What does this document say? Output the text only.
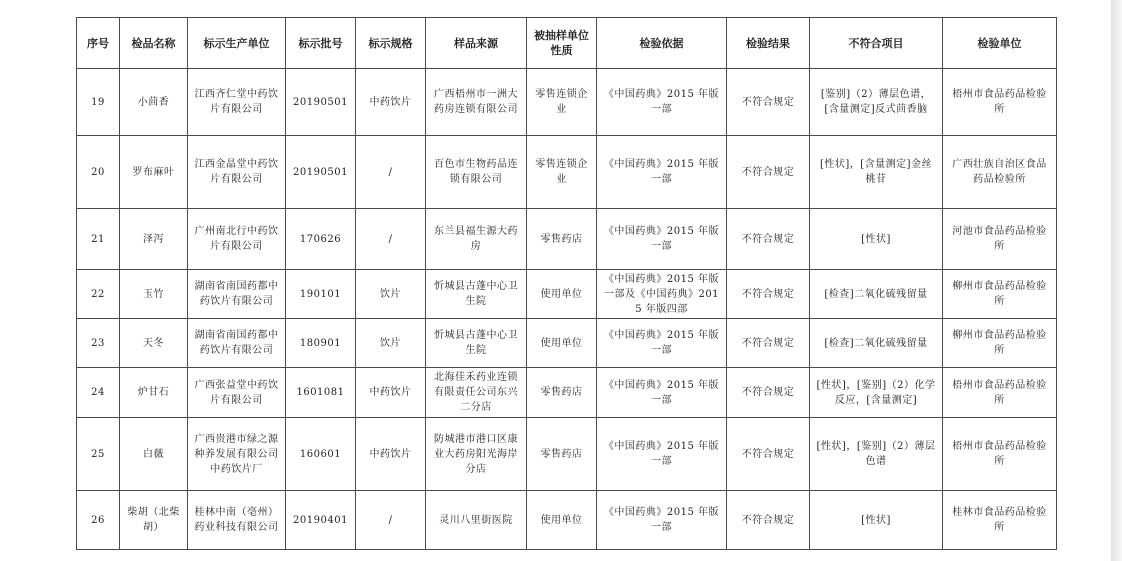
序号	检品名称	标示生产单位	标示批号	标示规格	样品来源	被抽样单位性质	检验依据	检验结果	不符合项目	检验单位
19	小茴香	江西齐仁堂中药饮片有限公司	20190501	中药饮片	广西梧州市一洲大药房连锁有限公司	零售连锁企业	《中国药典》2015 年版一部	不符合规定	[鉴别]（2）薄层色谱，[含量测定]反式茴香脑	梧州市食品药品检验所
20	罗布麻叶	江西金晶堂中药饮片有限公司	20190501	/	百色市生物药品连锁有限公司	零售连锁企业	《中国药典》2015 年版一部	不符合规定	[性状]，[含量测定]金丝桃苷	广西壮族自治区食品药品检验所
21	泽泻	广州南北行中药饮片有限公司	170626	/	东兰县福生源大药房	零售药店	《中国药典》2015 年版一部	不符合规定	[性状]	河池市食品药品检验所
22	玉竹	湖南省南国药都中药饮片有限公司	190101	饮片	忻城县古蓬中心卫生院	使用单位	《中国药典》2015 年版一部及《中国药典》2015 年版四部	不符合规定	[检查]二氧化硫残留量	柳州市食品药品检验所
23	天冬	湖南省南国药都中药饮片有限公司	180901	饮片	忻城县古蓬中心卫生院	使用单位	《中国药典》2015 年版一部	不符合规定	[检查]二氧化硫残留量	柳州市食品药品检验所
24	炉甘石	广西张益堂中药饮片有限公司	1601081	中药饮片	北海佳禾药业连锁有限责任公司东兴二分店	零售药店	《中国药典》2015 年版一部	不符合规定	[性状]，[鉴别]（2）化学反应，[含量测定]	梧州市食品药品检验所
25	白薇	广西贵港市绿之源种养发展有限公司中药饮片厂	160601	中药饮片	防城港市港口区康业大药房阳光海岸分店	零售药店	《中国药典》2015 年版一部	不符合规定	[性状]，[鉴别]（2）薄层色谱	梧州市食品药品检验所
26	柴胡（北柴胡）	桂林中南（亳州）药业科技有限公司	20190401	/	灵川八里街医院	使用单位	《中国药典》2015 年版一部	不符合规定	[性状]	桂林市食品药品检验所
